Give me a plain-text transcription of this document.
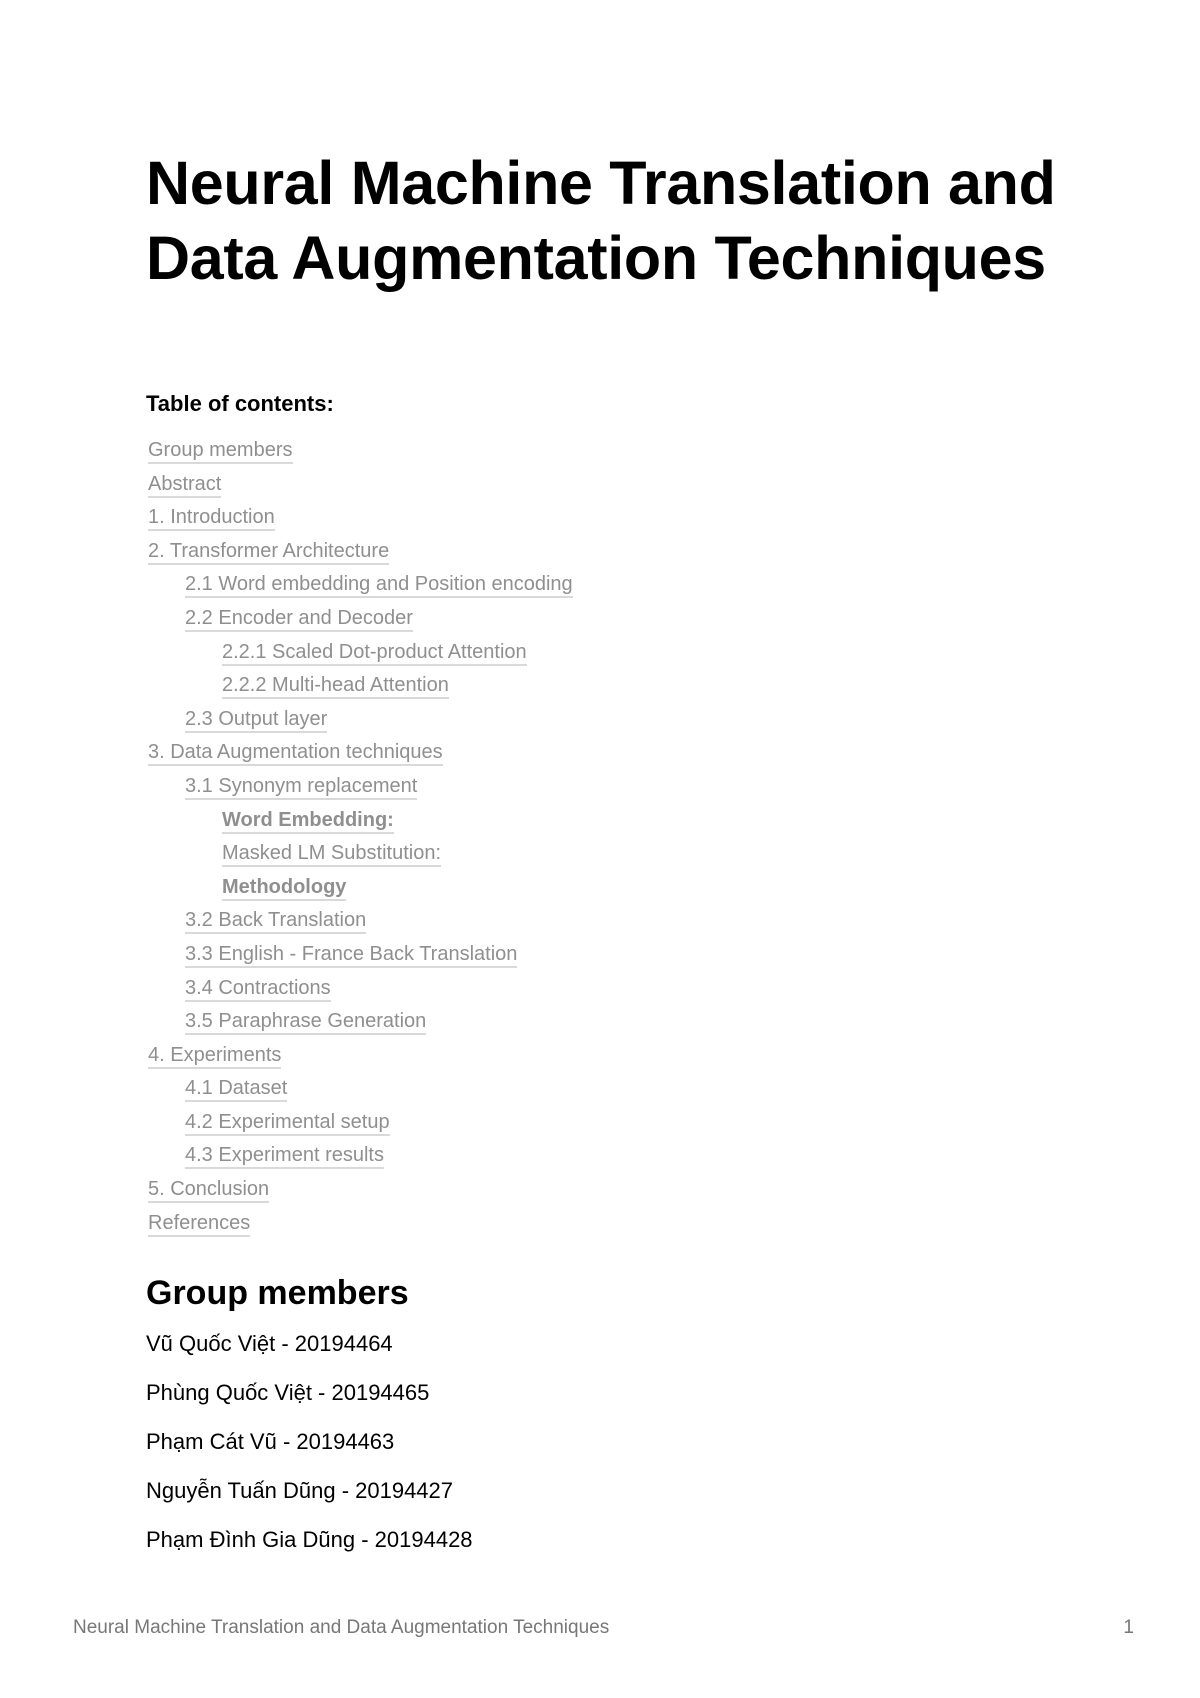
Neural Machine Translation and Data Augmentation Techniques
Table of contents:
Group members
Abstract
1. Introduction
2. Transformer Architecture
2.1 Word embedding and Position encoding
2.2 Encoder and Decoder
2.2.1 Scaled Dot-product Attention
2.2.2 Multi-head Attention
2.3 Output layer
3. Data Augmentation techniques
3.1 Synonym replacement
Word Embedding:
Masked LM Substitution:
Methodology
3.2 Back Translation
3.3 English - France Back Translation
3.4 Contractions
3.5 Paraphrase Generation
4. Experiments
4.1 Dataset
4.2 Experimental setup
4.3 Experiment results
5. Conclusion
References
Group members
Vũ Quốc Việt - 20194464
Phùng Quốc Việt - 20194465
Phạm Cát Vũ - 20194463
Nguyễn Tuấn Dũng - 20194427
Phạm Đình Gia Dũng - 20194428
Neural Machine Translation and Data Augmentation Techniques	1
